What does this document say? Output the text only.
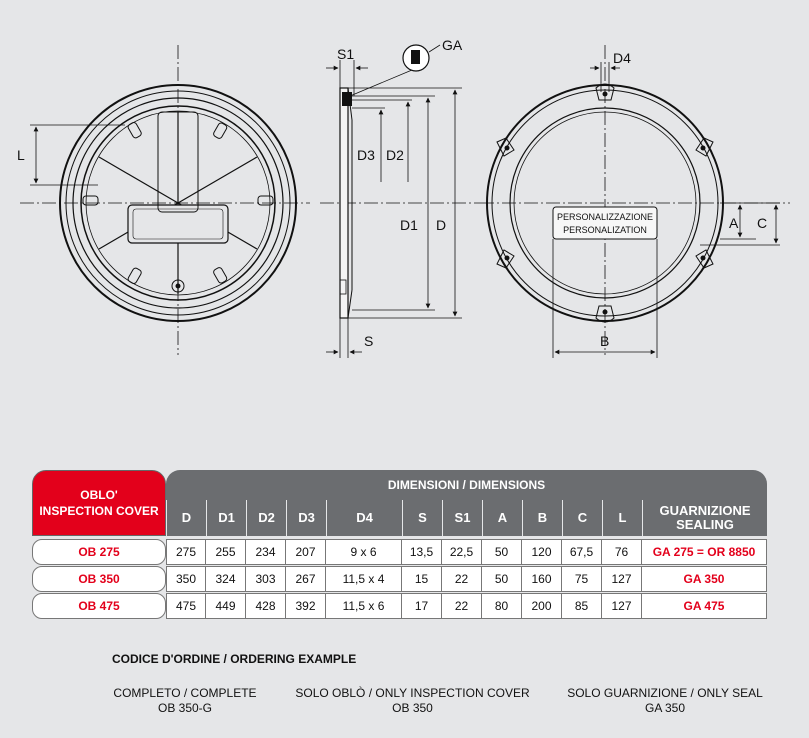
L
S1
GA
D3 D2
D1 D
S
PERSONALIZZAZIONE
PERSONALIZATION
D4
A C
B
OBLO'
INSPECTION COVER
DIMENSIONI / DIMENSIONS
D	D1	D2	D3	D4	S	S1	A	B	C	L	GUARNIZIONE
SEALING
OB 275	275	255	234	207	9 x 6	13,5	22,5	50	120	67,5	76	GA 275 = OR 8850
OB 350	350	324	303	267	11,5 x 4	15	22	50	160	75	127	GA 350
OB 475	475	449	428	392	11,5 x 6	17	22	80	200	85	127	GA 475
CODICE D'ORDINE / ORDERING EXAMPLE
COMPLETO / COMPLETE
OB 350-G
SOLO OBLÒ / ONLY INSPECTION COVER
OB 350
SOLO GUARNIZIONE / ONLY SEAL
GA 350
